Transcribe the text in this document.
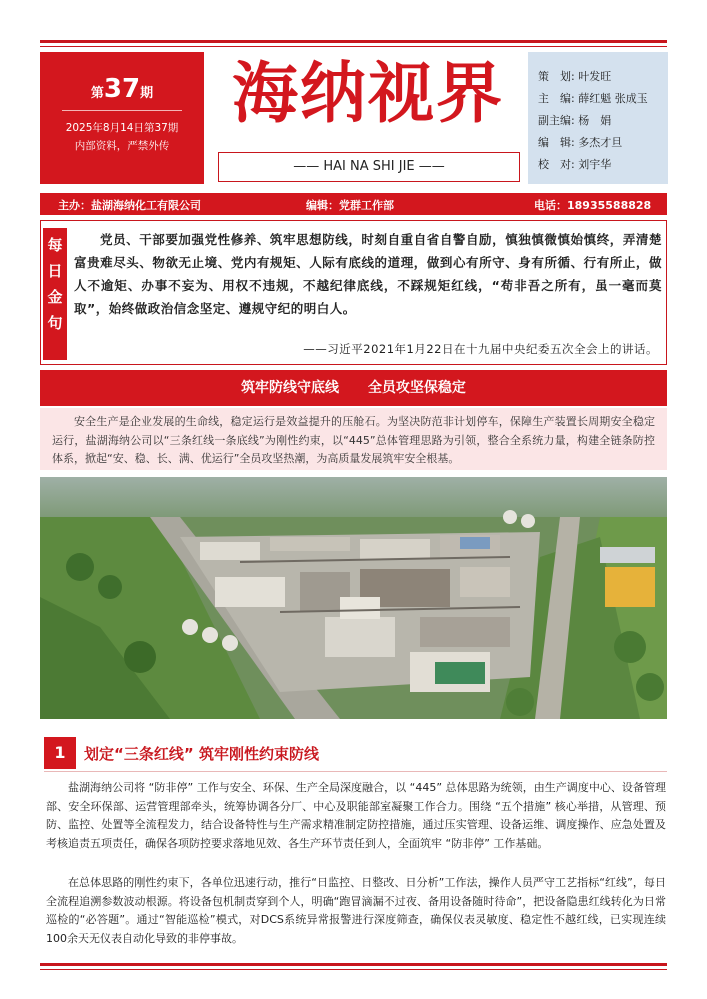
第37期
2025年8月14日第37期
内部资料，严禁外传
海纳视界
—— HAI NA SHI JIE ——
策　划: 叶发旺
主　编: 薛红魁 张成玉
副主编: 杨　娟
编　辑: 多杰才旦
校　对: 刘宇华
主办：盐湖海纳化工有限公司	编辑：党群工作部	电话：18935588828
每日金句
党员、干部要加强党性修养、筑牢思想防线，时刻自重自省自警自励，慎独慎微慎始慎终，弄清楚富贵难尽头、物欲无止境、党内有规矩、人际有底线的道理，做到心有所守、身有所循、行有所止，做人不逾矩、办事不妄为、用权不违规，不越纪律底线，不踩规矩红线，“苟非吾之所有，虽一毫而莫取”，始终做政治信念坚定、遵规守纪的明白人。
——习近平2021年1月22日在十九届中央纪委五次全会上的讲话。
筑牢防线守底线 全员攻坚保稳定
安全生产是企业发展的生命线，稳定运行是效益提升的压舱石。为坚决防范非计划停车，保障生产装置长周期安全稳定运行，盐湖海纳公司以“三条红线一条底线”为刚性约束，以“445”总体管理思路为引领，整合全系统力量，构建全链条防控体系，掀起“安、稳、长、满、优运行”全员攻坚热潮，为高质量发展筑牢安全根基。
1	划定“三条红线” 筑牢刚性约束防线
盐湖海纳公司将 “防非停” 工作与安全、环保、生产全局深度融合，以 “445” 总体思路为统领，由生产调度中心、设备管理部、安全环保部、运营管理部牵头，统筹协调各分厂、中心及职能部室凝聚工作合力。围绕 “五个措施” 核心举措，从管理、预防、监控、处置等全流程发力，结合设备特性与生产需求精准制定防控措施，通过压实管理、设备运维、调度操作、应急处置及考核追责五项责任，确保各项防控要求落地见效、各生产环节责任到人，全面筑牢 “防非停” 工作基础。
在总体思路的刚性约束下，各单位迅速行动，推行“日监控、日整改、日分析”工作法，操作人员严守工艺指标“红线”，每日全流程追溯参数波动根源。将设备包机制责穿到个人，明确“跑冒滴漏不过夜、备用设备随时待命”，把设备隐患红线转化为日常巡检的“必答题”。通过“智能巡检”模式，对DCS系统异常报警进行深度筛查，确保仪表灵敏度、稳定性不越红线，已实现连续100余天无仪表自动化导致的非停事故。
